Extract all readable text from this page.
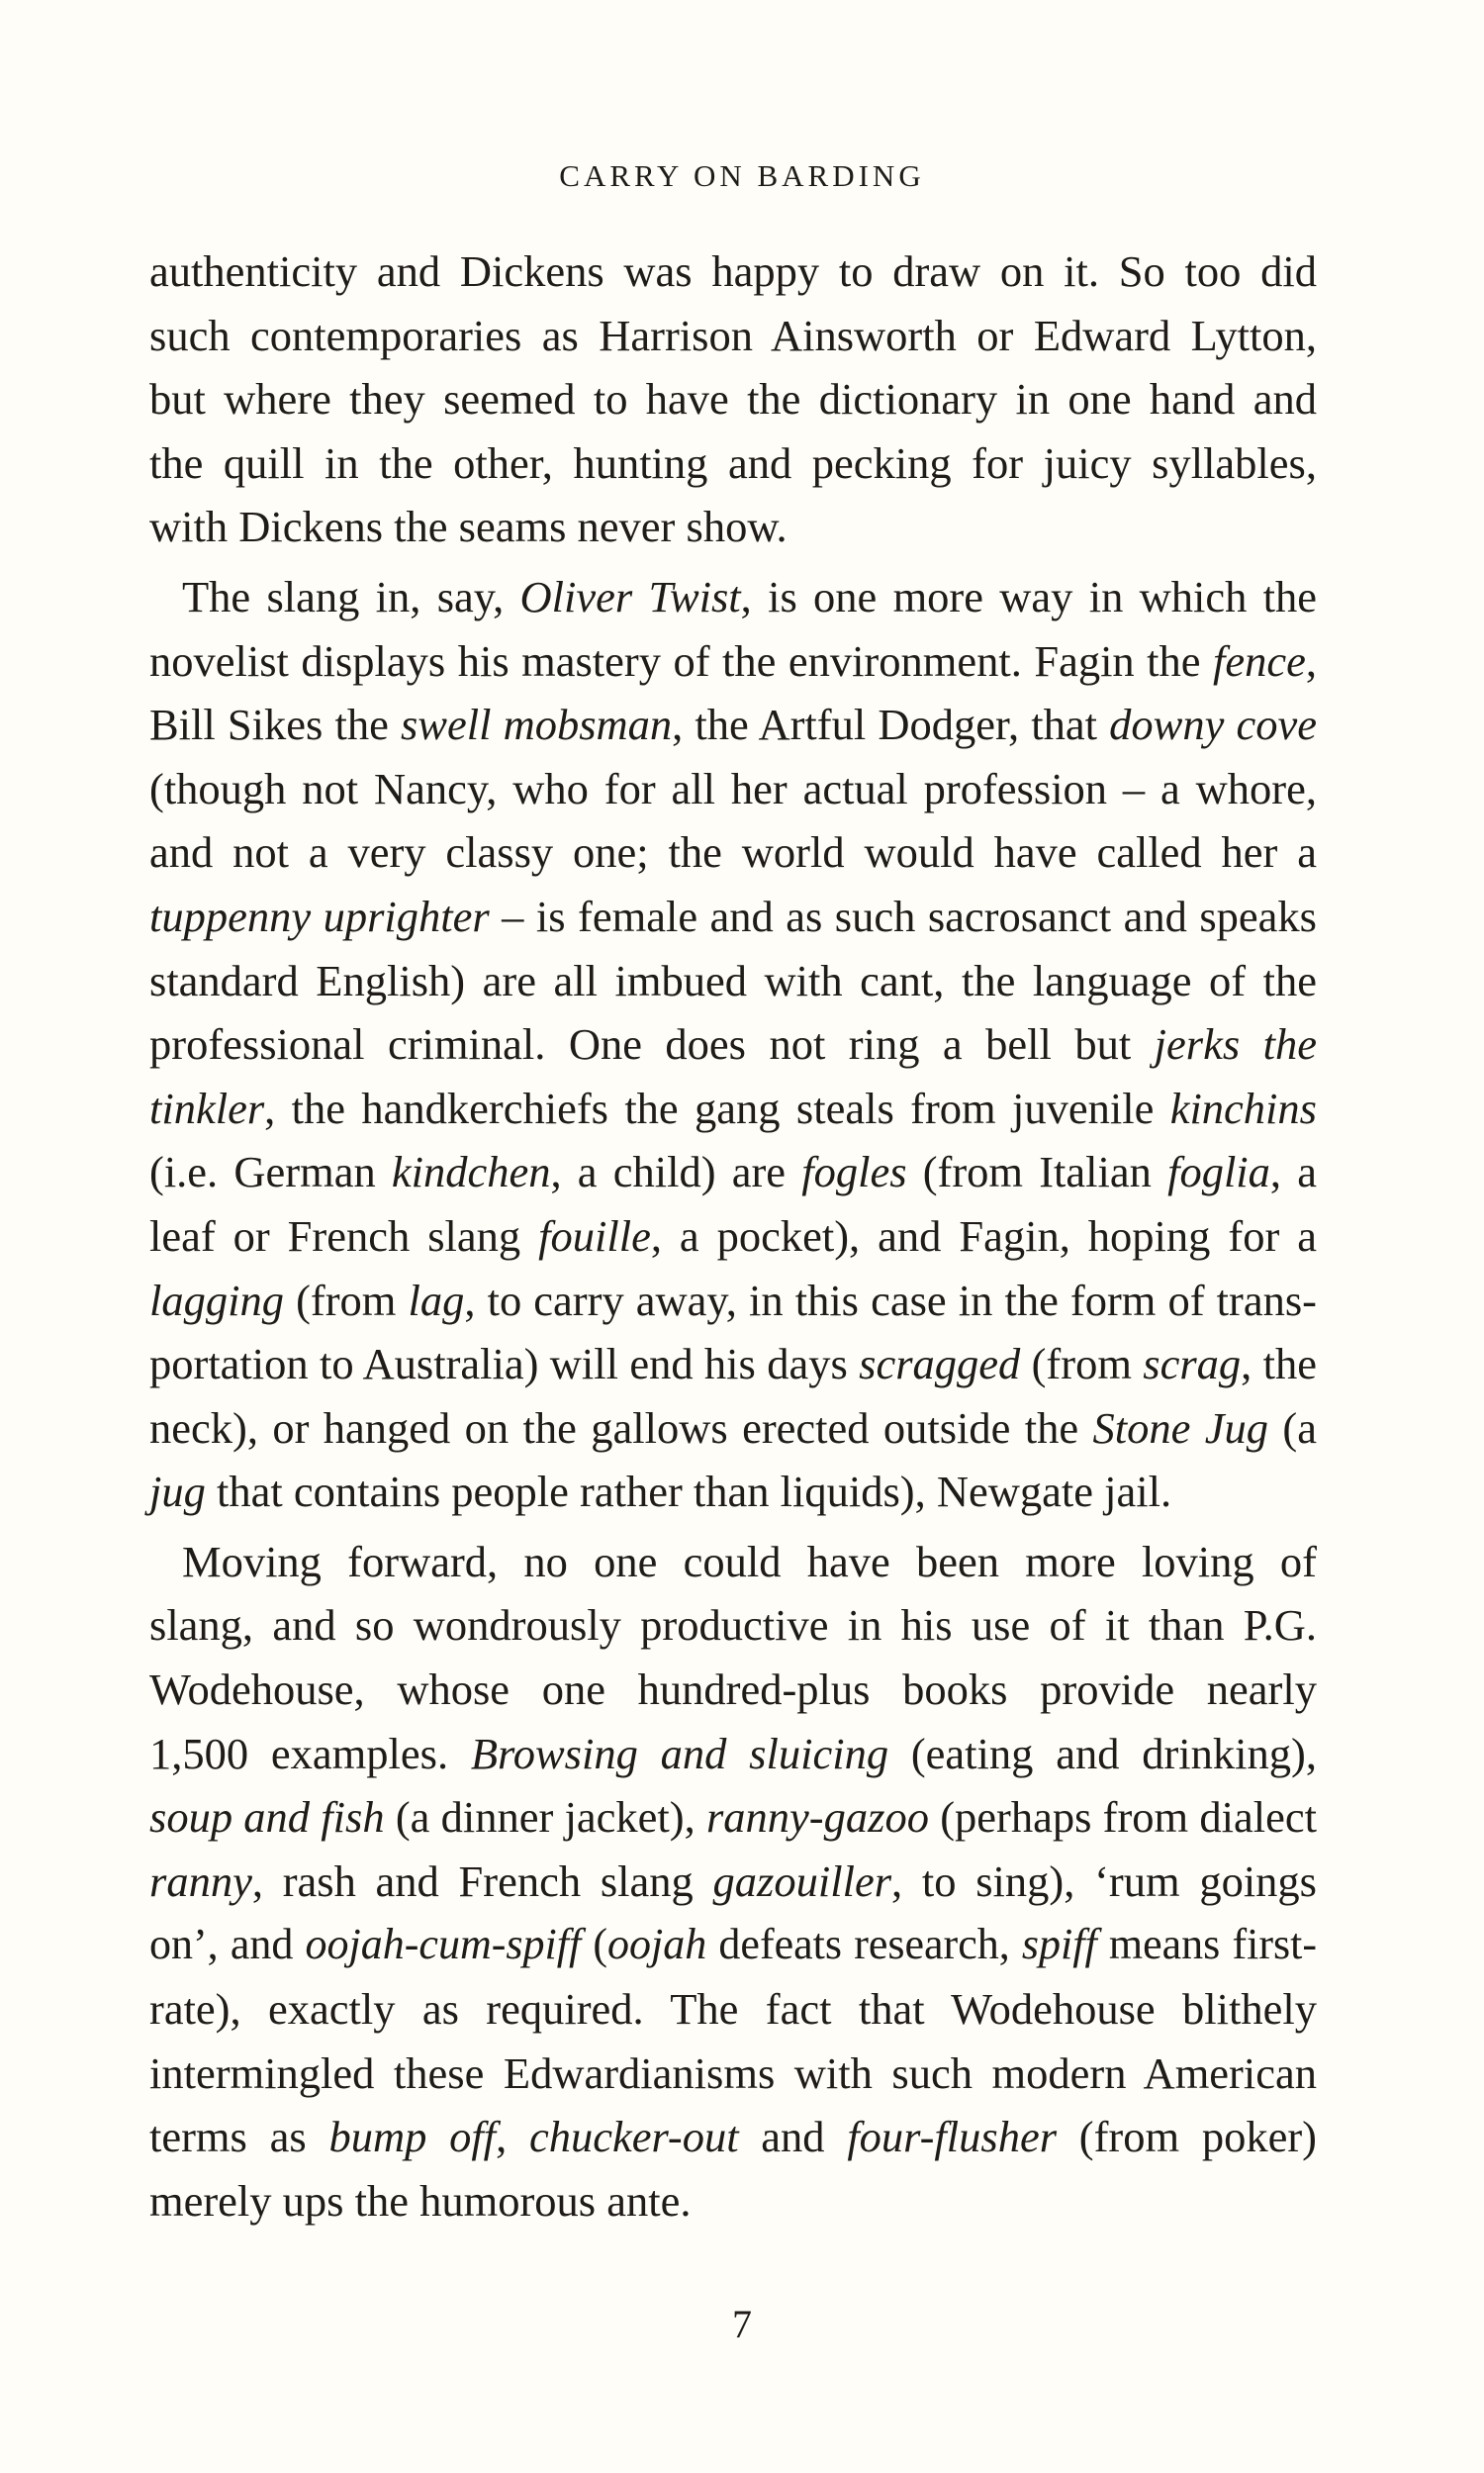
CARRY ON BARDING
authenticity and Dickens was happy to draw on it. So too did
such contemporaries as Harrison Ainsworth or Edward Lytton,
but where they seemed to have the dictionary in one hand and
the quill in the other, hunting and pecking for juicy syllables,
with Dickens the seams never show.
The slang in, say, Oliver Twist, is one more way in which the
novelist displays his mastery of the environment. Fagin the fence,
Bill Sikes the swell mobsman, the Artful Dodger, that downy cove
(though not Nancy, who for all her actual profession – a whore,
and not a very classy one; the world would have called her a
tuppenny uprighter – is female and as such sacrosanct and speaks
standard English) are all imbued with cant, the language of the
professional criminal. One does not ring a bell but jerks the
tinkler, the handkerchiefs the gang steals from juvenile kinchins
(i.e. German kindchen, a child) are fogles (from Italian foglia, a
leaf or French slang fouille, a pocket), and Fagin, hoping for a
lagging (from lag, to carry away, in this case in the form of trans-
portation to Australia) will end his days scragged (from scrag, the
neck), or hanged on the gallows erected outside the Stone Jug (a
jug that contains people rather than liquids), Newgate jail.
Moving forward, no one could have been more loving of
slang, and so wondrously productive in his use of it than P.G.
Wodehouse, whose one hundred-plus books provide nearly
1,500 examples. Browsing and sluicing (eating and drinking),
soup and fish (a dinner jacket), ranny-gazoo (perhaps from dialect
ranny, rash and French slang gazouiller, to sing), ‘rum goings
on’, and oojah-cum-spiff (oojah defeats research, spiff means first-
rate), exactly as required. The fact that Wodehouse blithely
intermingled these Edwardianisms with such modern American
terms as bump off, chucker-out and four-flusher (from poker)
merely ups the humorous ante.
7
